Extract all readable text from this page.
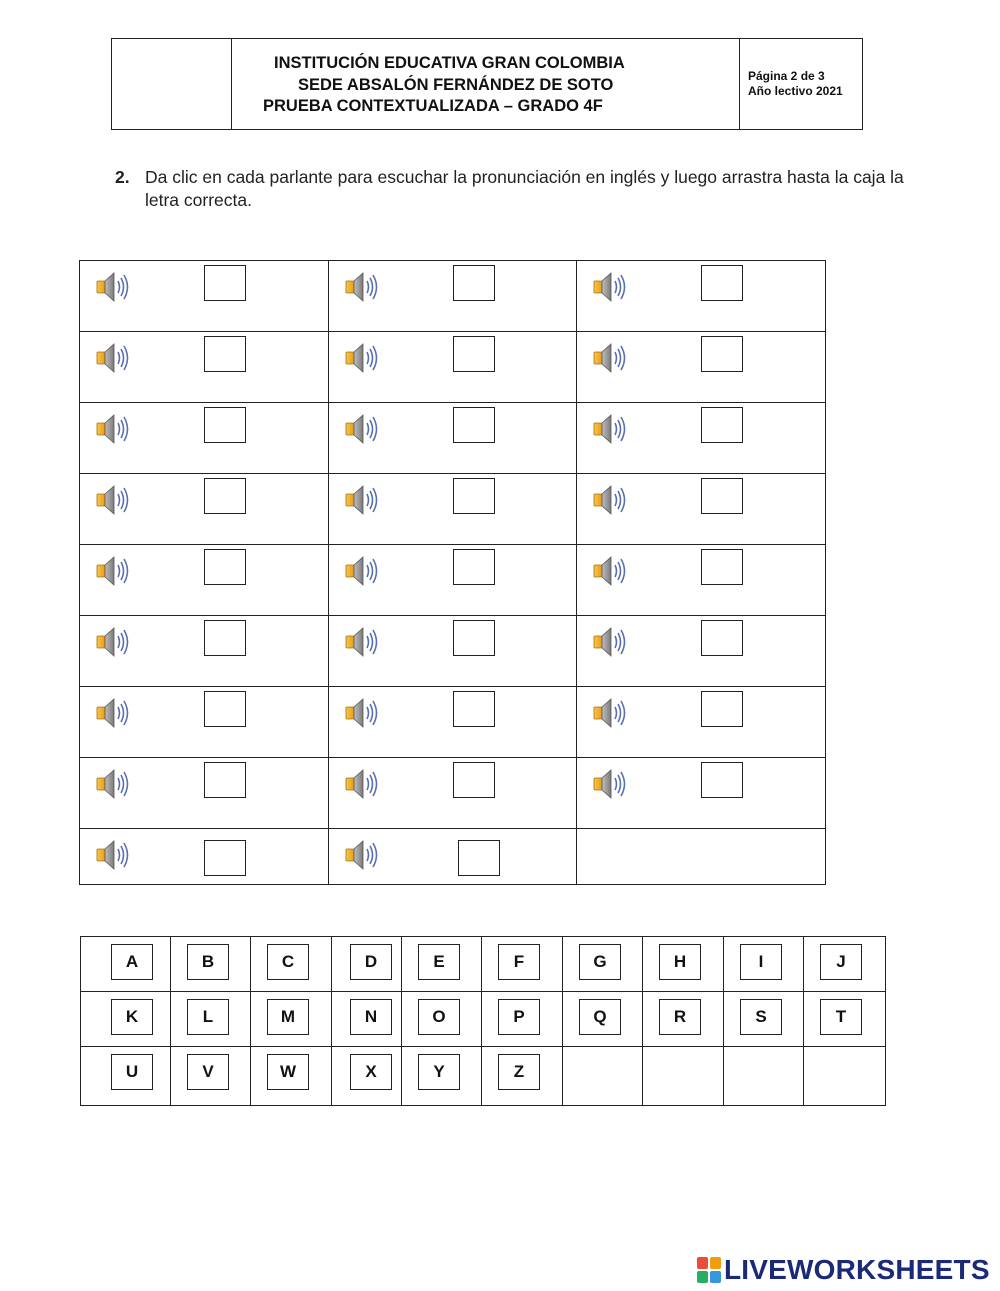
INSTITUCIÓN EDUCATIVA GRAN COLOMBIA
SEDE ABSALÓN FERNÁNDEZ DE SOTO
PRUEBA CONTEXTUALIZADA – GRADO 4F
Página 2 de 3
Año lectivo 2021
2. Da clic en cada parlante para escuchar la pronunciación en inglés y luego arrastra hasta la caja la letra correcta.

A	B	C	D	E	F	G	H	I	J

K	L	M	N	O	P	Q	R	S	T

U	V	W	X	Y	Z				

LIVEWORKSHEETS
